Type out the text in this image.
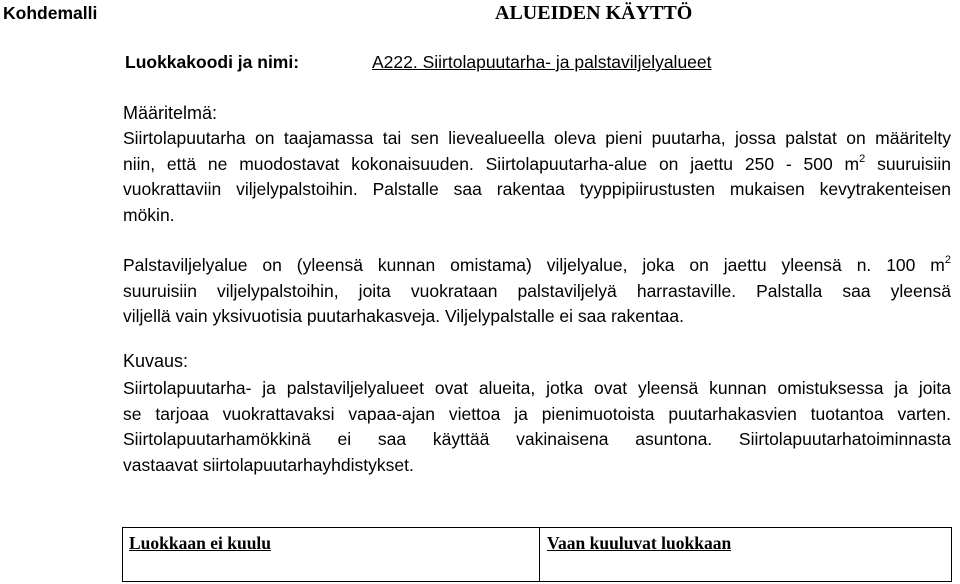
Kohdemalli	ALUEIDEN KÄYTTÖ
Luokkakoodi ja nimi:	A222. Siirtolapuutarha- ja palstaviljelyalueet
Määritelmä:
Siirtolapuutarha on taajamassa tai sen lievealueella oleva pieni puutarha, jossa palstat on määritelty
niin, että ne muodostavat kokonaisuuden. Siirtolapuutarha-alue on jaettu 250 - 500 $m^2$ suuruisiin
vuokrattaviin viljelypalstoihin. Palstalle saa rakentaa tyyppipiirustusten mukaisen kevytrakenteisen
mökin.
Palstaviljelyalue on (yleensä kunnan omistama) viljelyalue, joka on jaettu yleensä n. 100 $m^2$
suuruisiin viljelypalstoihin, joita vuokrataan palstaviljelyä harrastaville. Palstalla saa yleensä
viljellä vain yksivuotisia puutarhakasveja. Viljelypalstalle ei saa rakentaa.
Kuvaus:
Siirtolapuutarha- ja palstaviljelyalueet ovat alueita, jotka ovat yleensä kunnan omistuksessa ja joita
se tarjoaa vuokrattavaksi vapaa-ajan viettoa ja pienimuotoista puutarhakasvien tuotantoa varten.
Siirtolapuutarhamökkinä ei saa käyttää vakinaisena asuntona. Siirtolapuutarhatoiminnasta
vastaavat siirtolapuutarhayhdistykset.
Luokkaan ei kuulu	Vaan kuuluvat luokkaan
